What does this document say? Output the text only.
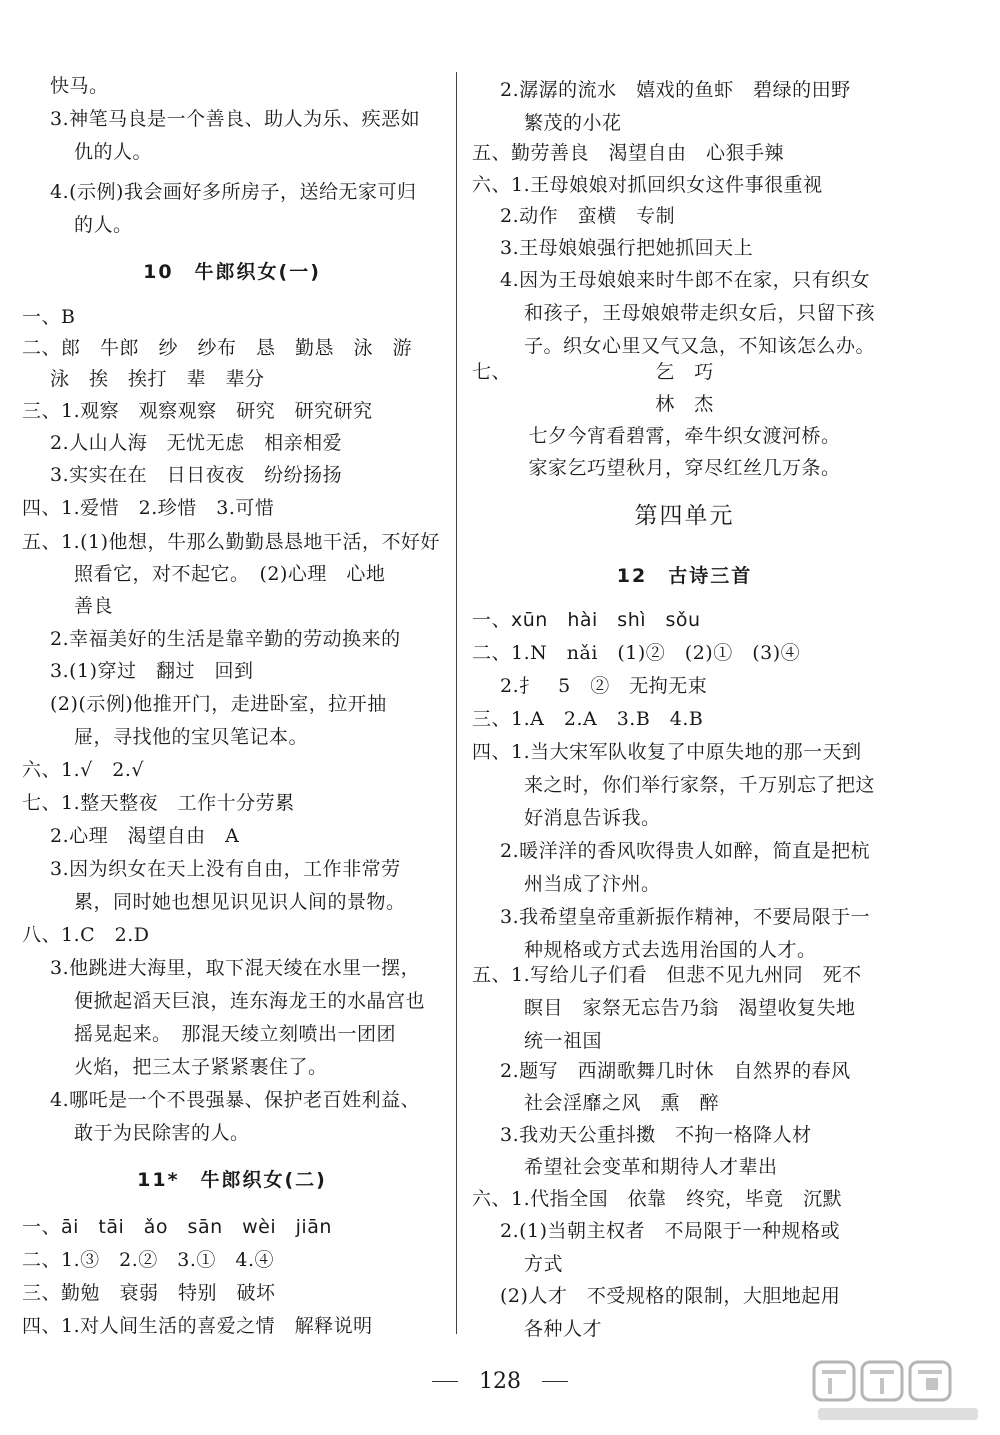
快马。
3.神笔马良是一个善良、助人为乐、疾恶如
仇的人。
4.(示例)我会画好多所房子，送给无家可归
的人。
10　牛郎织女(一)
一、B
二、郎　牛郎　纱　纱布　恳　勤恳　泳　游
泳　挨　挨打　辈　辈分
三、1.观察　观察观察　研究　研究研究
2.人山人海　无忧无虑　相亲相爱
3.实实在在　日日夜夜　纷纷扬扬
四、1.爱惜　2.珍惜　3.可惜
五、1.(1)他想，牛那么勤勤恳恳地干活，不好好
照看它，对不起它。　(2)心理　心地
善良
2.幸福美好的生活是靠辛勤的劳动换来的
3.(1)穿过　翻过　回到
(2)(示例)他推开门，走进卧室，拉开抽
屉，寻找他的宝贝笔记本。
六、1.√　2.√
七、1.整天整夜　工作十分劳累
2.心理　渴望自由　A
3.因为织女在天上没有自由，工作非常劳
累，同时她也想见识见识人间的景物。
八、1.C　2.D
3.他跳进大海里，取下混天绫在水里一摆，
便掀起滔天巨浪，连东海龙王的水晶宫也
摇晃起来。　那混天绫立刻喷出一团团
火焰，把三太子紧紧裹住了。
4.哪吒是一个不畏强暴、保护老百姓利益、
敢于为民除害的人。
11*　牛郎织女(二)
一、āi　tāi　ǎo　sān　wèi　jiān
二、1.③　2.②　3.①　4.④
三、勤勉　衰弱　特别　破坏
四、1.对人间生活的喜爱之情　解释说明
2.潺潺的流水　嬉戏的鱼虾　碧绿的田野
繁茂的小花
五、勤劳善良　渴望自由　心狠手辣
六、1.王母娘娘对抓回织女这件事很重视
2.动作　蛮横　专制
3.王母娘娘强行把她抓回天上
4.因为王母娘娘来时牛郎不在家，只有织女
和孩子，王母娘娘带走织女后，只留下孩
子。织女心里又气又急，不知该怎么办。
七、	乞　巧
林　杰
七夕今宵看碧霄，牵牛织女渡河桥。
家家乞巧望秋月，穿尽红丝几万条。
第四单元
12　古诗三首
一、xūn　hài　shì　sǒu
二、1.N　nǎi　(1)②　(2)①　(3)④
2.扌　5　②　无拘无束
三、1.A　2.A　3.B　4.B
四、1.当大宋军队收复了中原失地的那一天到
来之时，你们举行家祭，千万别忘了把这
好消息告诉我。
2.暖洋洋的香风吹得贵人如醉，简直是把杭
州当成了汴州。
3.我希望皇帝重新振作精神，不要局限于一
种规格或方式去选用治国的人才。
五、1.写给儿子们看　但悲不见九州同　死不
瞑目　家祭无忘告乃翁　渴望收复失地
统一祖国
2.题写　西湖歌舞几时休　自然界的春风
社会淫靡之风　熏　醉
3.我劝天公重抖擞　不拘一格降人材
希望社会变革和期待人才辈出
六、1.代指全国　依靠　终究，毕竟　沉默
2.(1)当朝主权者　不局限于一种规格或
方式
(2)人才　不受规格的限制，大胆地起用
各种人才
128
